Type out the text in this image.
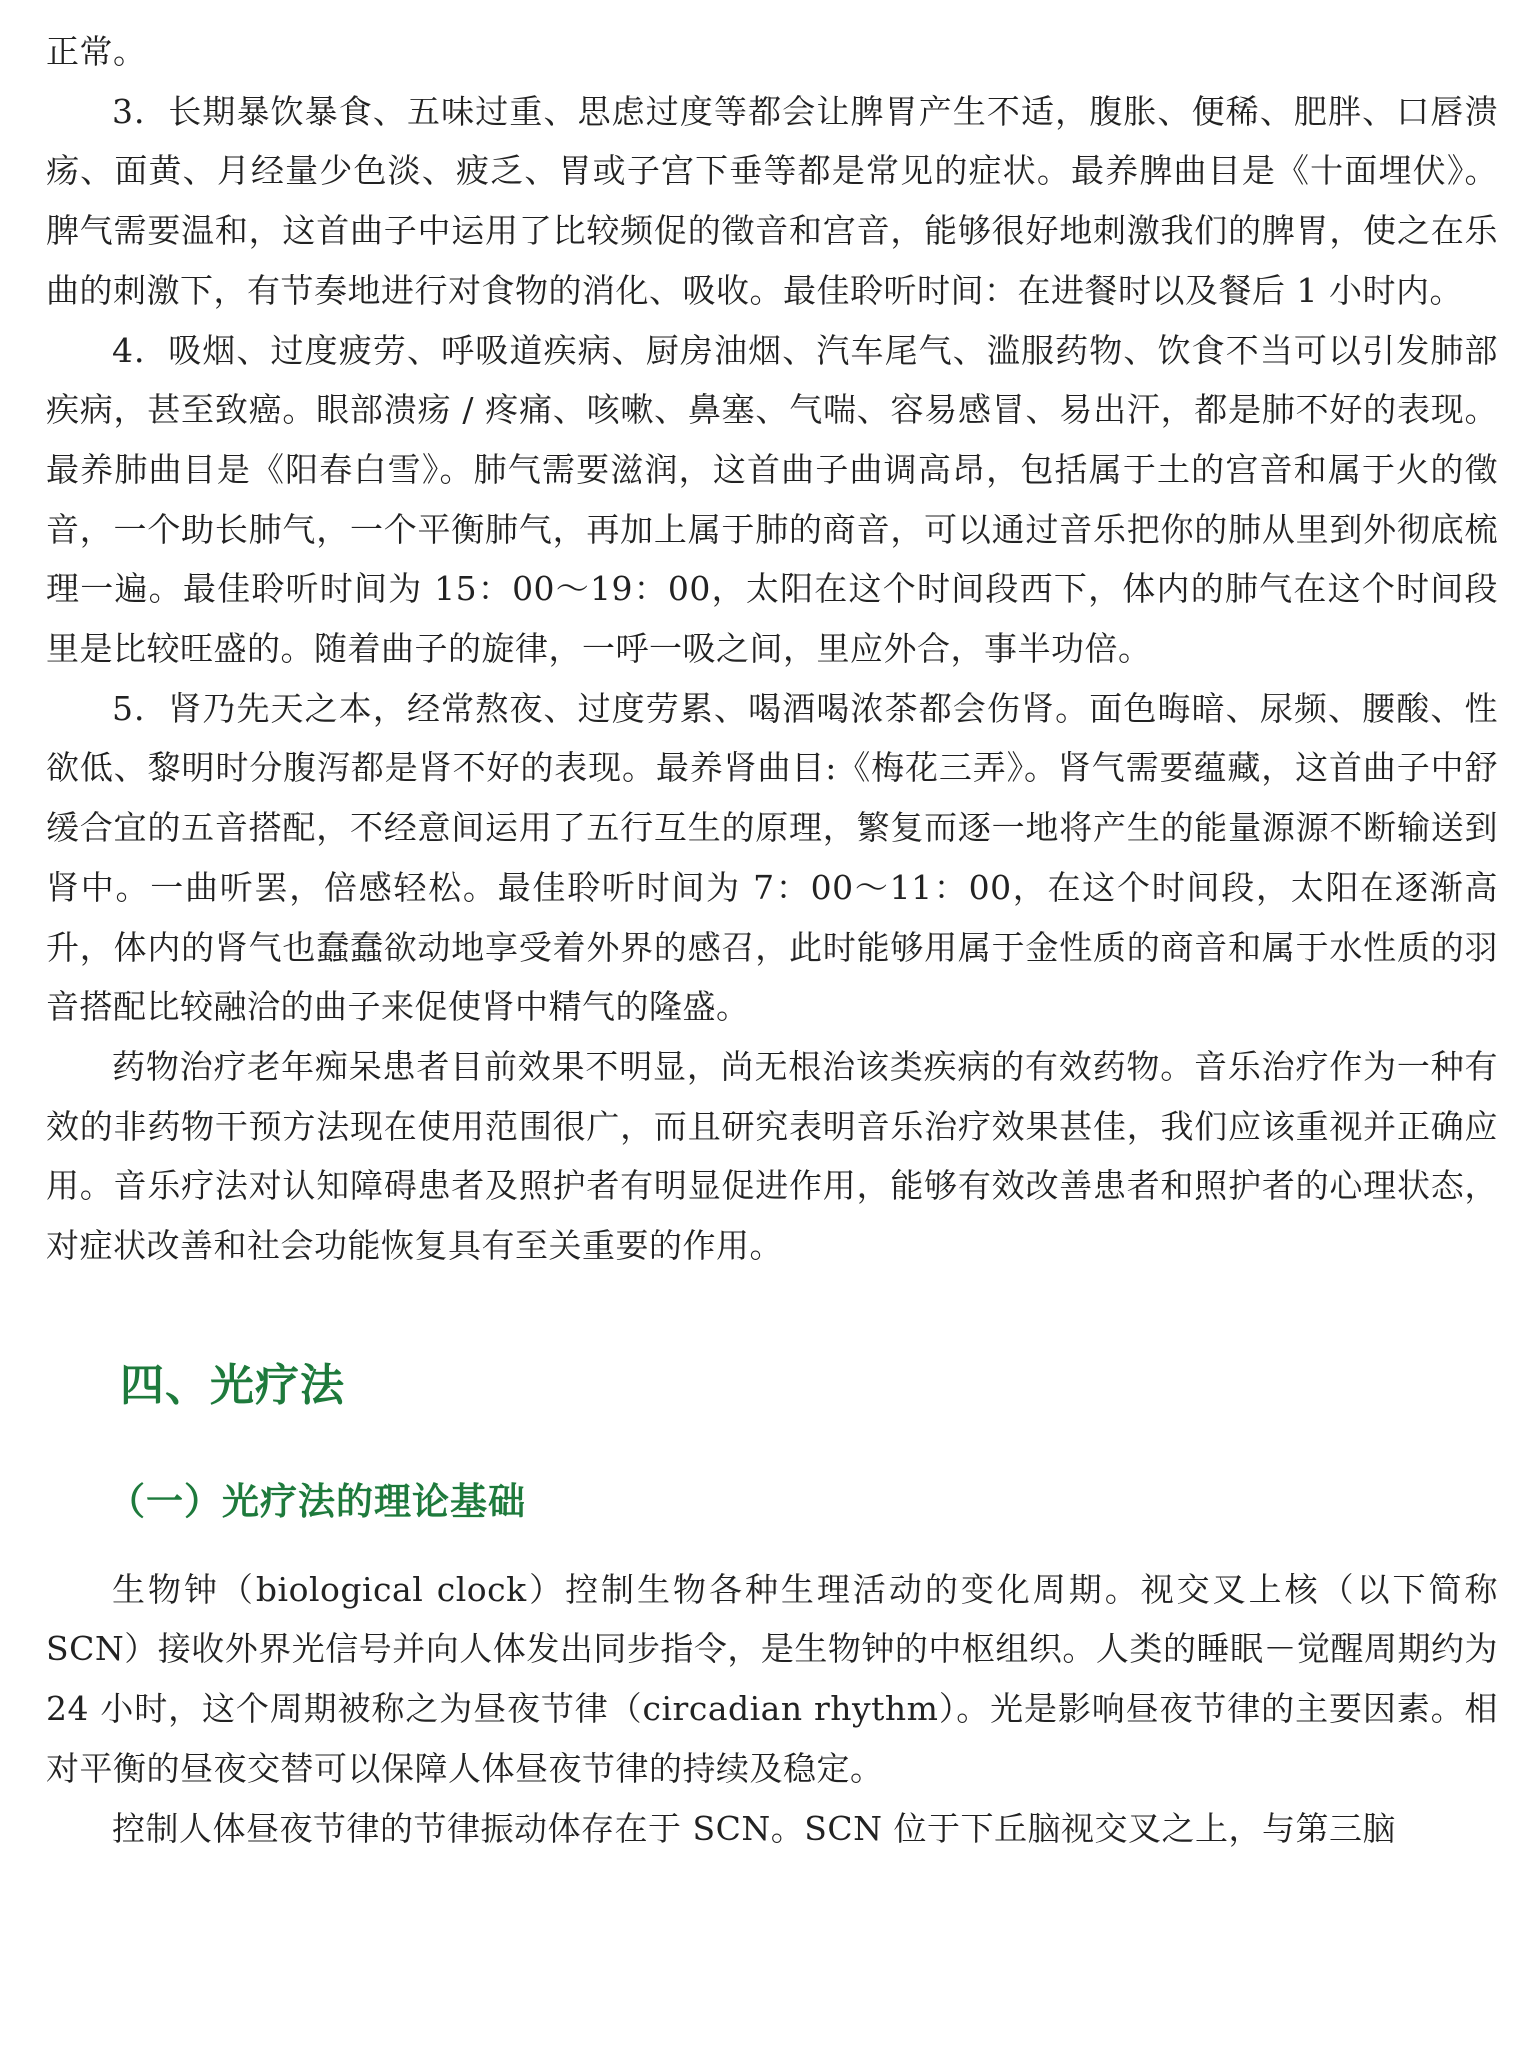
正常。

3．长期暴饮暴食、五味过重、思虑过度等都会让脾胃产生不适，腹胀、便稀、肥胖、口唇溃疡、面黄、月经量少色淡、疲乏、胃或子宫下垂等都是常见的症状。最养脾曲目是《十面埋伏》。脾气需要温和，这首曲子中运用了比较频促的徵音和宫音，能够很好地刺激我们的脾胃，使之在乐曲的刺激下，有节奏地进行对食物的消化、吸收。最佳聆听时间：在进餐时以及餐后 1 小时内。

4．吸烟、过度疲劳、呼吸道疾病、厨房油烟、汽车尾气、滥服药物、饮食不当可以引发肺部疾病，甚至致癌。眼部溃疡 / 疼痛、咳嗽、鼻塞、气喘、容易感冒、易出汗，都是肺不好的表现。最养肺曲目是《阳春白雪》。肺气需要滋润，这首曲子曲调高昂，包括属于土的宫音和属于火的徵音，一个助长肺气，一个平衡肺气，再加上属于肺的商音，可以通过音乐把你的肺从里到外彻底梳理一遍。最佳聆听时间为 15：00～19：00，太阳在这个时间段西下，体内的肺气在这个时间段里是比较旺盛的。随着曲子的旋律，一呼一吸之间，里应外合，事半功倍。

5．肾乃先天之本，经常熬夜、过度劳累、喝酒喝浓茶都会伤肾。面色晦暗、尿频、腰酸、性欲低、黎明时分腹泻都是肾不好的表现。最养肾曲目:《梅花三弄》。肾气需要蕴藏，这首曲子中舒缓合宜的五音搭配，不经意间运用了五行互生的原理，繁复而逐一地将产生的能量源源不断输送到肾中。一曲听罢，倍感轻松。最佳聆听时间为 7：00～11：00，在这个时间段，太阳在逐渐高升，体内的肾气也蠢蠢欲动地享受着外界的感召，此时能够用属于金性质的商音和属于水性质的羽音搭配比较融洽的曲子来促使肾中精气的隆盛。

药物治疗老年痴呆患者目前效果不明显，尚无根治该类疾病的有效药物。音乐治疗作为一种有效的非药物干预方法现在使用范围很广，而且研究表明音乐治疗效果甚佳，我们应该重视并正确应用。音乐疗法对认知障碍患者及照护者有明显促进作用，能够有效改善患者和照护者的心理状态，对症状改善和社会功能恢复具有至关重要的作用。

四、光疗法
（一）光疗法的理论基础

生物钟（biological clock）控制生物各种生理活动的变化周期。视交叉上核（以下简称 SCN）接收外界光信号并向人体发出同步指令，是生物钟的中枢组织。人类的睡眠－觉醒周期约为 24 小时，这个周期被称之为昼夜节律（circadian rhythm）。光是影响昼夜节律的主要因素。相对平衡的昼夜交替可以保障人体昼夜节律的持续及稳定。

控制人体昼夜节律的节律振动体存在于 SCN。SCN 位于下丘脑视交叉之上，与第三脑
